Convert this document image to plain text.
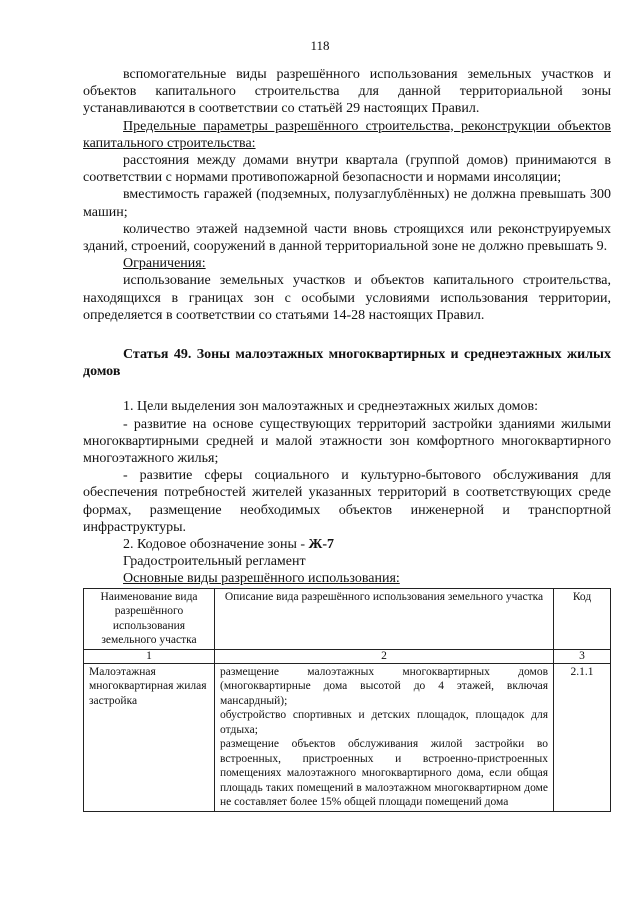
118

вспомогательные виды разрешённого использования земельных участков и объектов капитального строительства для данной территориальной зоны устанавливаются в соответствии со статьёй 29 настоящих Правил.

Предельные параметры разрешённого строительства, реконструкции объектов капитального строительства:

расстояния между домами внутри квартала (группой домов) принимаются в соответствии с нормами противопожарной безопасности и нормами инсоляции;

вместимость гаражей (подземных, полузаглублённых) не должна превышать 300 машин;

количество этажей надземной части вновь строящихся или реконструируемых зданий, строений, сооружений в данной территориальной зоне не должно превышать 9.

Ограничения:

использование земельных участков и объектов капитального строительства, находящихся в границах зон с особыми условиями использования территории, определяется в соответствии со статьями 14-28 настоящих Правил.

Статья 49. Зоны малоэтажных многоквартирных и среднеэтажных жилых домов

1. Цели выделения зон малоэтажных и среднеэтажных жилых домов:

- развитие на основе существующих территорий застройки зданиями жилыми многоквартирными средней и малой этажности зон комфортного многоквартирного многоэтажного жилья;

- развитие сферы социального и культурно-бытового обслуживания для обеспечения потребностей жителей указанных территорий в соответствующих среде формах, размещение необходимых объектов инженерной и транспортной инфраструктуры.

2. Кодовое обозначение зоны - Ж-7

Градостроительный регламент

Основные виды разрешённого использования:

Наименование вида разрешённого использования земельного участка	Описание вида разрешённого использования земельного участка	Код
1	2	3
Малоэтажная многоквартирная жилая застройка	размещение малоэтажных многоквартирных домов (многоквартирные дома высотой до 4 этажей, включая мансардный);
обустройство спортивных и детских площадок, площадок для отдыха;
размещение объектов обслуживания жилой застройки во встроенных, пристроенных и встроенно-пристроенных помещениях малоэтажного многоквартирного дома, если общая площадь таких помещений в малоэтажном многоквартирном доме не составляет более 15% общей площади помещений дома	2.1.1
